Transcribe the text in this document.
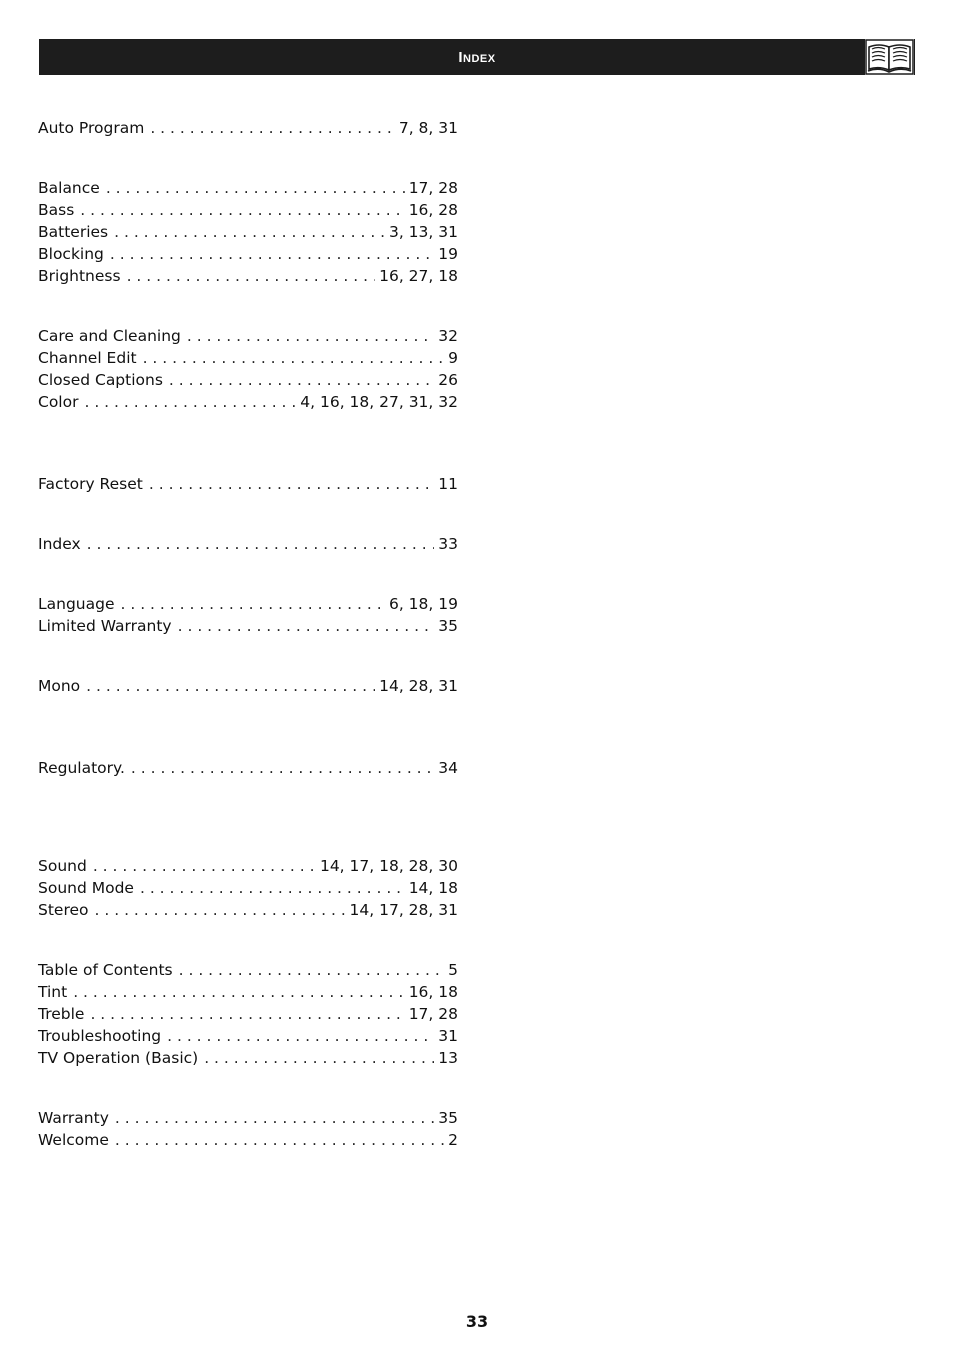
Index
Auto Program . . .	7, 8, 31
Balance . . .	17, 28
Bass . . .	16, 28
Batteries . . .	3, 13, 31
Blocking . . .	19
Brightness . . .	16, 27, 18
Care and Cleaning . . .	32
Channel Edit . . .	9
Closed Captions . . .	26
Color . . .	4, 16, 18, 27, 31, 32
Factory Reset . . .	11
Index . . .	33
Language . . .	6, 18, 19
Limited Warranty . . .	35
Mono . . .	14, 28, 31
Regulatory. . . .	34
Sound . . .	14, 17, 18, 28, 30
Sound Mode . . .	14, 18
Stereo . . .	14, 17, 28, 31
Table of Contents . . .	5
Tint . . .	16, 18
Treble . . .	17, 28
Troubleshooting . . .	31
TV Operation (Basic) . . .	13
Warranty . . .	35
Welcome . . .	2
33
